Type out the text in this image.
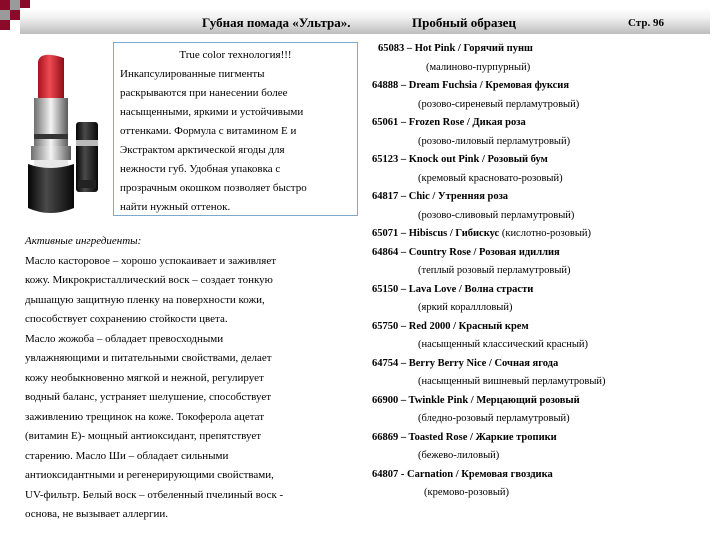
Губная помада «Ультра».	Пробный образец	Стр. 96
True color технология!!!
Инкапсулированные пигменты
раскрываются при нанесении более
насыщенными, яркими и устойчивыми
оттенками. Формула с витамином Е и
Экстрактом арктической ягоды для
нежности губ. Удобная упаковка с
прозрачным окошком позволяет быстро
найти нужный оттенок.

Активные ингредиенты:

Масло касторовое – хорошо успокаивает и заживляет

кожу. Микрокристаллический воск – создает тонкую

дышащую защитную пленку на поверхности кожи,

способствует сохранению стойкости цвета.

Масло жожоба – обладает превосходными

увлажняющими и питательными свойствами, делает

кожу необыкновенно мягкой и нежной, регулирует

водный баланс, устраняет шелушение, способствует

заживлению трещинок на коже. Токоферола ацетат

(витамин Е)- мощный антиоксидант, препятствует

старению. Масло Ши – обладает сильными

антиоксидантными и регенерирующими свойствами,

UV-фильтр. Белый воск – отбеленный пчелиный воск -

основа, не вызывает аллергии.

65083 – Hot Pink / Горячий пунш
(малиново-пурпурный)
64888 – Dream Fuchsia / Кремовая фуксия
(розово-сиреневый перламутровый)
65061 – Frozen Rose / Дикая роза
(розово-лиловый перламутровый)
65123 – Knock out Pink / Розовый бум
(кремовый красновато-розовый)
64817 – Chic / Утренняя роза
(розово-сливовый перламутровый)
65071 – Hibiscus / Гибискус (кислотно-розовый)
64864 – Country Rose / Розовая идиллия
(теплый розовый перламутровый)
65150 – Lava Love / Волна страсти
(яркий кораллловый)
65750 – Red 2000 / Красный крем
(насыщенный классический красный)
64754 – Berry Berry Nice / Сочная ягода
(насыщенный вишневый перламутровый)
66900 – Twinkle Pink / Мерцающий розовый
(бледно-розовый перламутровый)
66869 – Toasted Rose / Жаркие тропики
(бежево-лиловый)
64807 - Carnation / Кремовая гвоздика
(кремово-розовый)
